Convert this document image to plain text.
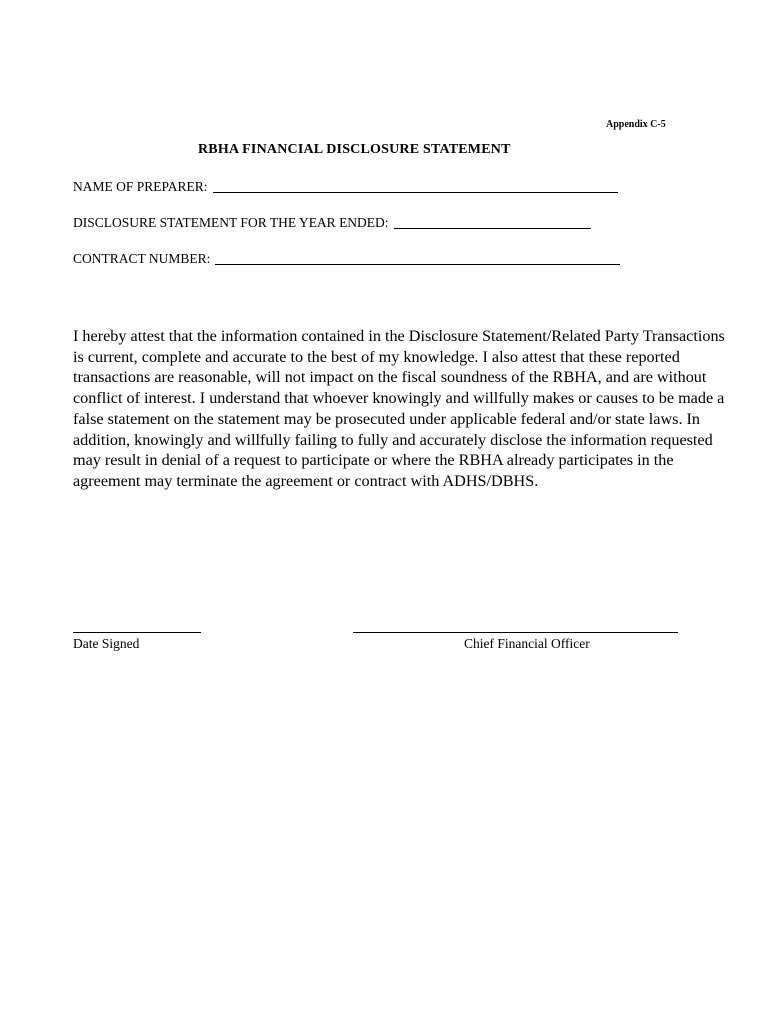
Appendix C-5
RBHA FINANCIAL DISCLOSURE STATEMENT
NAME OF PREPARER:
DISCLOSURE STATEMENT FOR THE YEAR ENDED:
CONTRACT NUMBER:

I hereby attest that the information contained in the Disclosure Statement/Related Party Transactions is current, complete and accurate to the best of my knowledge. I also attest that these reported transactions are reasonable, will not impact on the fiscal soundness of the RBHA, and are without conflict of interest. I understand that whoever knowingly and willfully makes or causes to be made a false statement on the statement may be prosecuted under applicable federal and/or state laws. In addition, knowingly and willfully failing to fully and accurately disclose the information requested may result in denial of a request to participate or where the RBHA already participates in the agreement may terminate the agreement or contract with ADHS/DBHS.

Date Signed	Chief Financial Officer
